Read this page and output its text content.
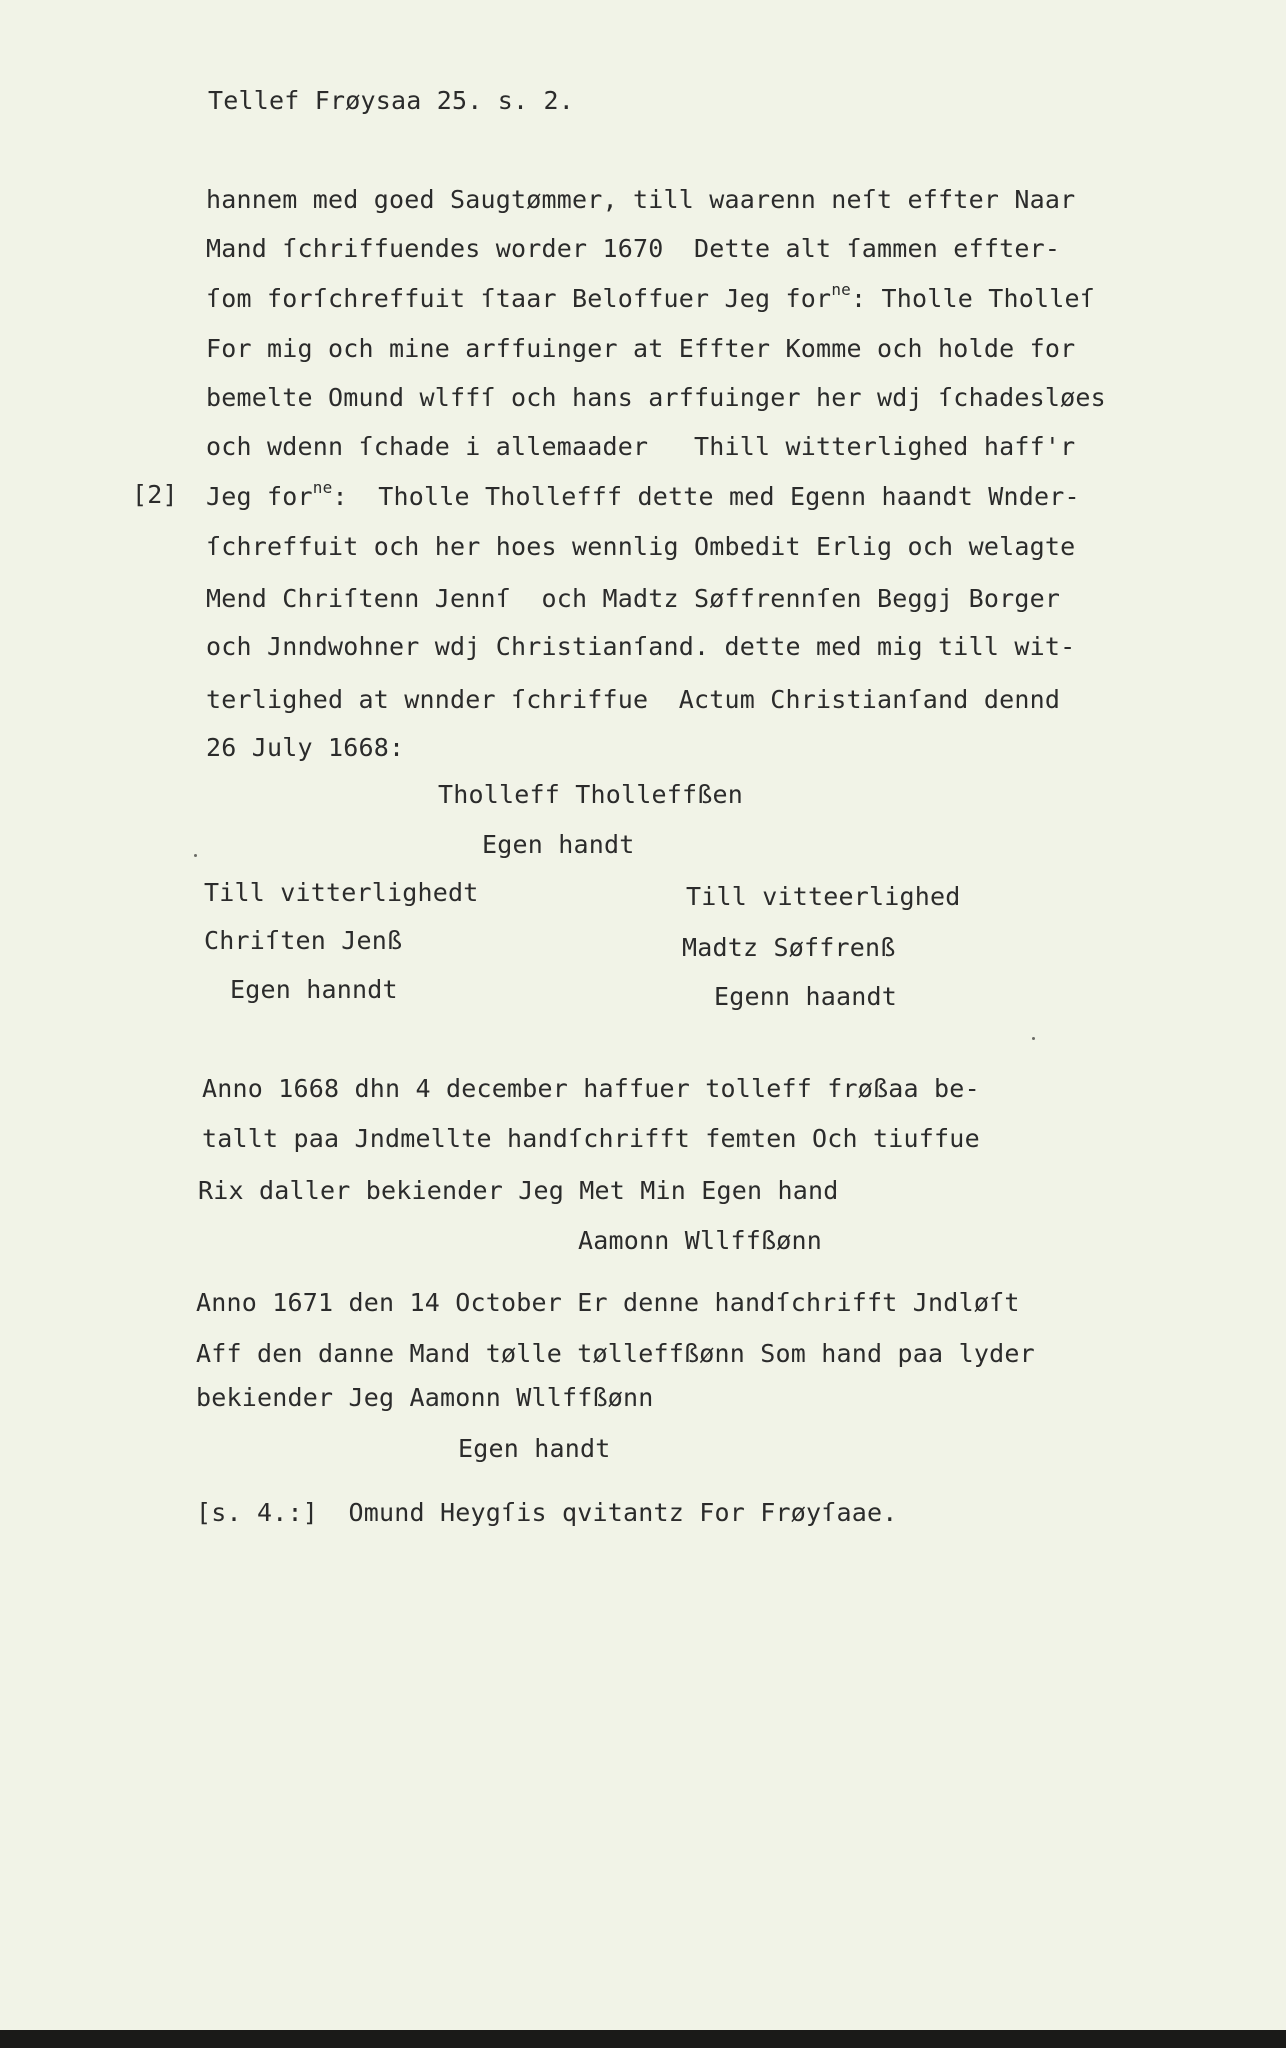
Tellef Frøysaa 25. s. 2.
[2]
hannem med goed Saugtømmer, till waarenn neſt effter Naar
Mand ſchriffuendes worder 1670  Dette alt ſammen effter-
ſom forſchreffuit ſtaar Beloffuer Jeg for$^{ne}$: Tholle Tholleſ
For mig och mine arffuinger at Effter Komme och holde for
bemelte Omund wlffſ och hans arffuinger her wdj ſchadesløes
och wdenn ſchade i allemaader   Thill witterlighed haff'r
Jeg for$^{ne}$:  Tholle Thollefff dette med Egenn haandt Wnder-
ſchreffuit och her hoes wennlig Ombedit Erlig och welagte
Mend Chriſtenn Jennſ  och Madtz Søffrennſen Beggj Borger
och Jnndwohner wdj Christianſand. dette med mig till wit-
terlighed at wnnder ſchriffue  Actum Christianſand dennd
26 July 1668:
Tholleff Tholleffßen
Egen handt
Till vitterlighedt
Chriſten Jenß
Egen hanndt
Till vitteerlighed
Madtz Søffrenß
Egenn haandt
Anno 1668 dhn 4 december haffuer tolleff frøßaa be-
tallt paa Jndmellte handſchrifft femten Och tiuffue
Rix daller bekiender Jeg Met Min Egen hand
Aamonn Wllffßønn
Anno 1671 den 14 October Er denne handſchrifft Jndløſt
Aff den danne Mand tølle tølleffßønn Som hand paa lyder
bekiender Jeg Aamonn Wllffßønn
Egen handt
[s. 4.:]  Omund Heygſis qvitantz For Frøyſaae.
